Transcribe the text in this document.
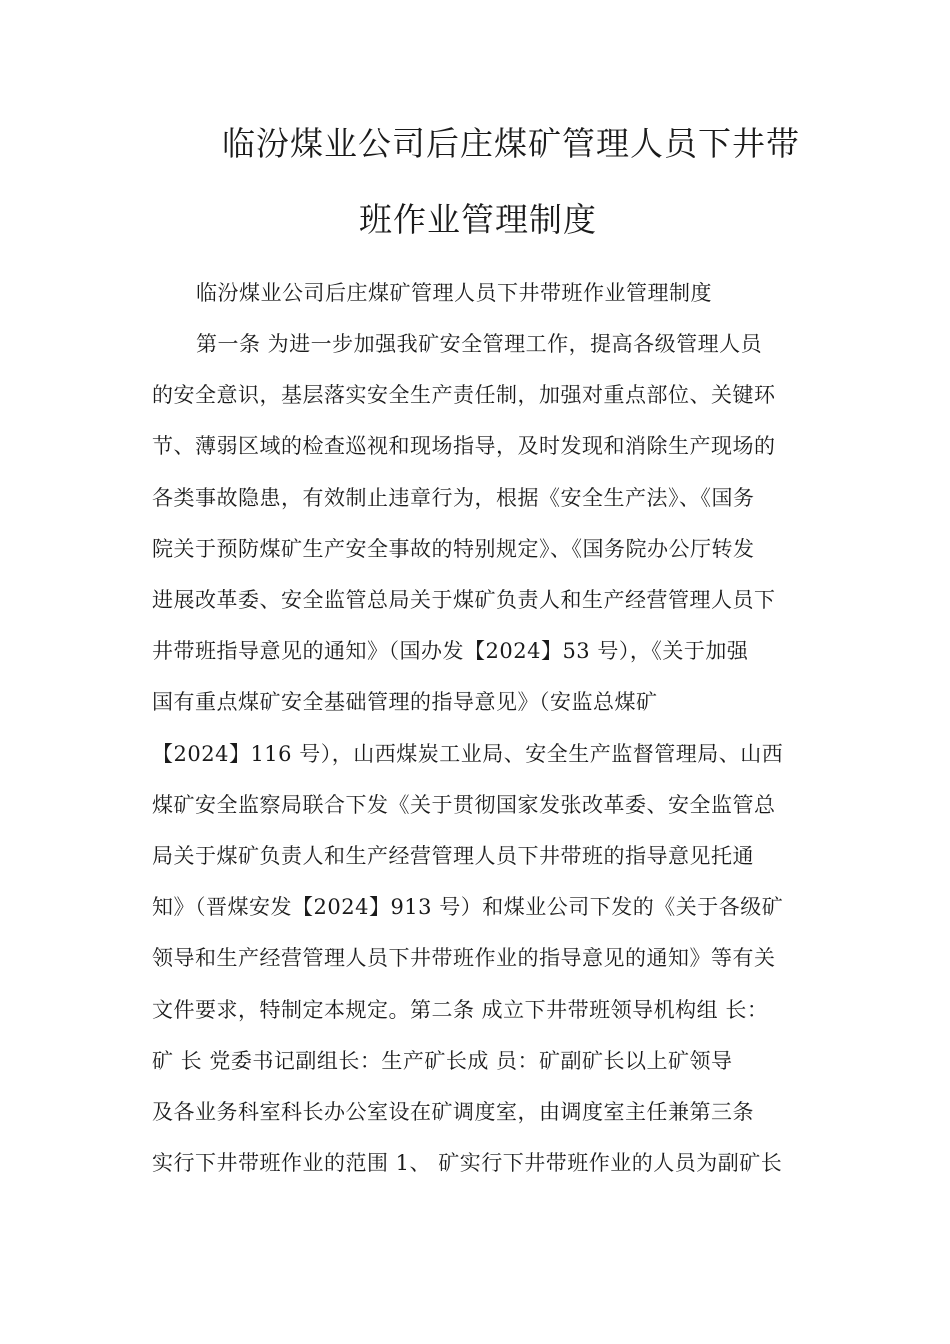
临汾煤业公司后庄煤矿管理人员下井带
班作业管理制度
临汾煤业公司后庄煤矿管理人员下井带班作业管理制度
第一条 为进一步加强我矿安全管理工作，提高各级管理人员
的安全意识，基层落实安全生产责任制，加强对重点部位、关键环
节、薄弱区域的检查巡视和现场指导，及时发现和消除生产现场的
各类事故隐患，有效制止违章行为，根据《安全生产法》、《国务
院关于预防煤矿生产安全事故的特别规定》、《国务院办公厅转发
进展改革委、安全监管总局关于煤矿负责人和生产经营管理人员下
井带班指导意见的通知》（国办发【2024】53 号），《关于加强
国有重点煤矿安全基础管理的指导意见》（安监总煤矿
【2024】116 号），山西煤炭工业局、安全生产监督管理局、山西
煤矿安全监察局联合下发《关于贯彻国家发张改革委、安全监管总
局关于煤矿负责人和生产经营管理人员下井带班的指导意见托通
知》（晋煤安发【2024】913 号）和煤业公司下发的《关于各级矿
领导和生产经营管理人员下井带班作业的指导意见的通知》等有关
文件要求，特制定本规定。第二条 成立下井带班领导机构组 长：
矿 长 党委书记副组长：生产矿长成 员：矿副矿长以上矿领导
及各业务科室科长办公室设在矿调度室，由调度室主任兼第三条
实行下井带班作业的范围 1、 矿实行下井带班作业的人员为副矿长
